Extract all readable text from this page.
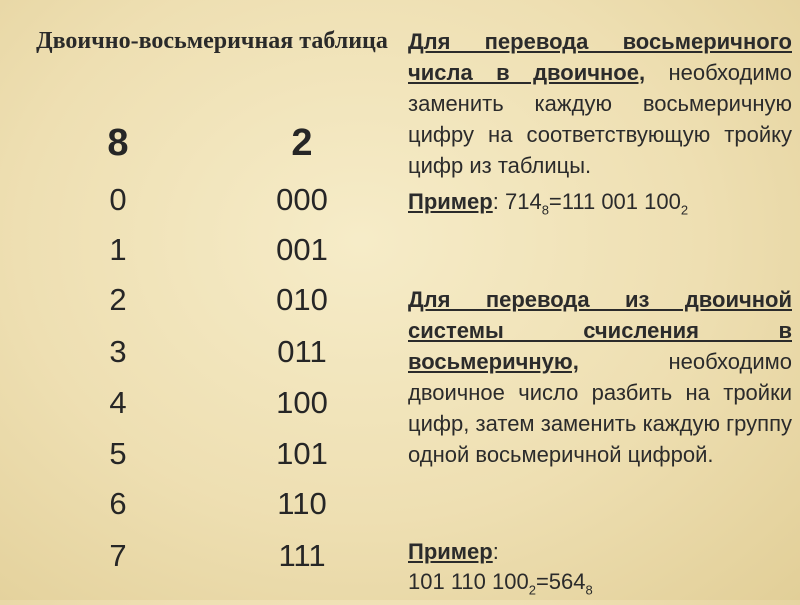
Двоично-восьмеричная таблица
8	2
0	000
1	001
2	010
3	011
4	100
5	101
6	110
7	111
Для перевода восьмеричного числа в двоичное, необходимо заменить каждую восьмеричную цифру на соответствующую тройку цифр из таблицы.
Пример: $714_8=111$ 001 $100_2$
Для перевода из двоичной системы счисления в восьмеричную, необходимо двоичное число разбить на тройки цифр, затем заменить каждую группу одной восьмеричной цифрой.
Пример:
101 110 $100_2=564_8$
